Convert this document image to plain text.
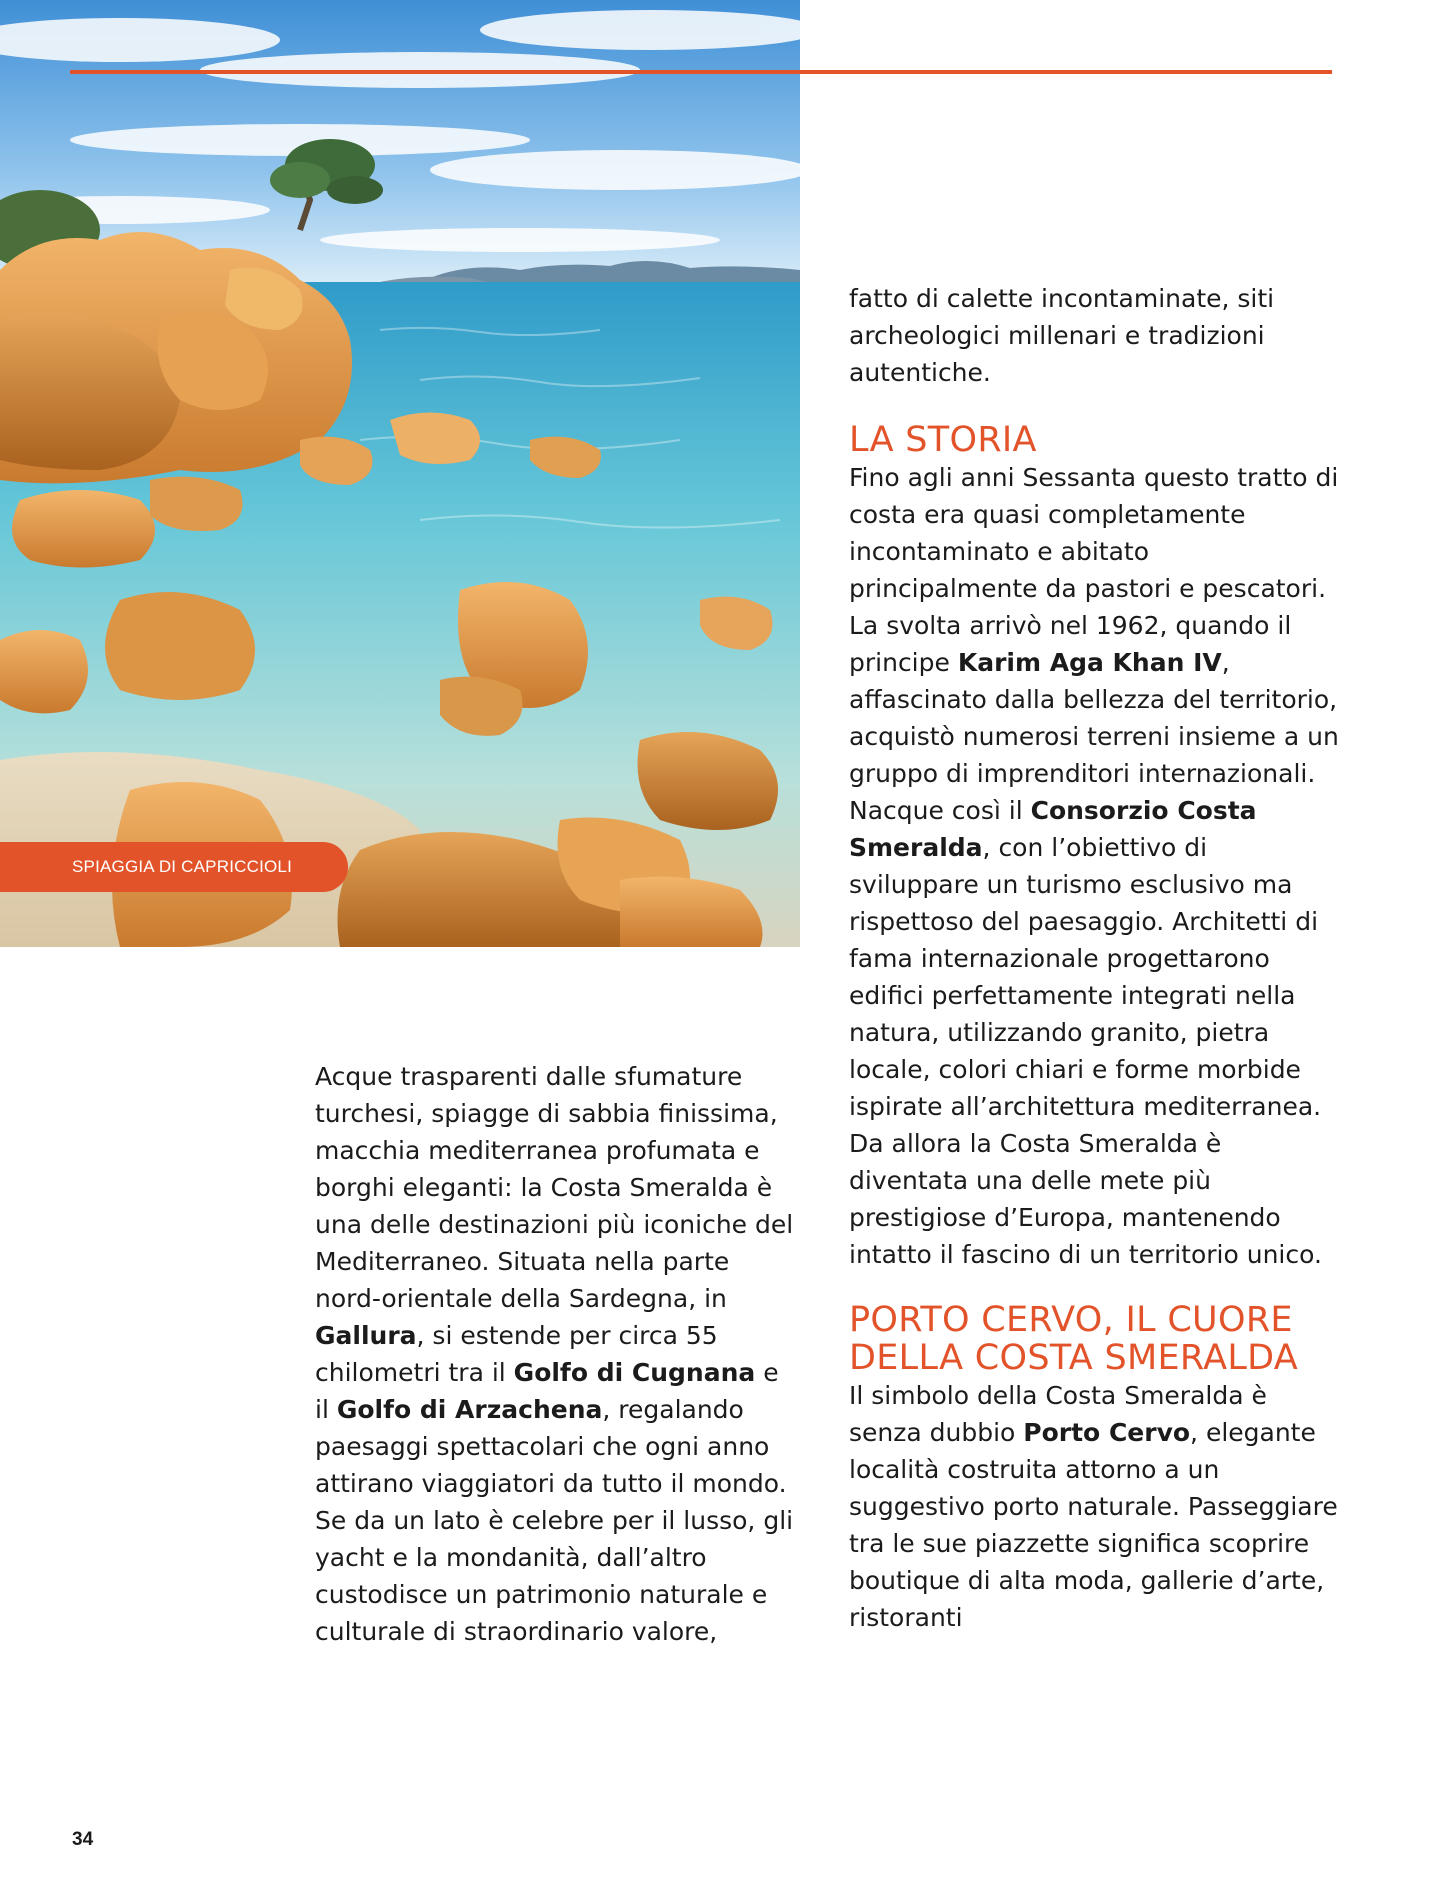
SPIAGGIA DI CAPRICCIOLI

Acque trasparenti dalle sfumature turchesi, spiagge di sabbia finissima, macchia mediterranea profumata e borghi eleganti: la Costa Smeralda è una delle destinazioni più iconiche del Mediterraneo. Situata nella parte nord-orientale della Sardegna, in Gallura, si estende per circa 55 chilometri tra il Golfo di Cugnana e il Golfo di Arzachena, regalando paesaggi spettacolari che ogni anno attirano viaggiatori da tutto il mondo. Se da un lato è celebre per il lusso, gli yacht e la mondanità, dall’altro custodisce un patrimonio naturale e culturale di straordinario valore,

fatto di calette incontaminate, siti archeologici millenari e tradizioni autentiche.

LA STORIA

Fino agli anni Sessanta questo tratto di costa era quasi completamente incontaminato e abitato principalmente da pastori e pescatori. La svolta arrivò nel 1962, quando il principe Karim Aga Khan IV, affascinato dalla bellezza del territorio, acquistò numerosi terreni insieme a un gruppo di imprenditori internazionali. Nacque così il Consorzio Costa Smeralda, con l’obiettivo di sviluppare un turismo esclusivo ma rispettoso del paesaggio. Architetti di fama internazionale progettarono edifici perfettamente integrati nella natura, utilizzando granito, pietra locale, colori chiari e forme morbide ispirate all’architettura mediterranea. Da allora la Costa Smeralda è diventata una delle mete più prestigiose d’Europa, mantenendo intatto il fascino di un territorio unico.

PORTO CERVO, IL CUORE
DELLA COSTA SMERALDA

Il simbolo della Costa Smeralda è senza dubbio Porto Cervo, elegante località costruita attorno a un suggestivo porto naturale. Passeggiare tra le sue piazzette significa scoprire boutique di alta moda, gallerie d’arte, ristoranti

34
